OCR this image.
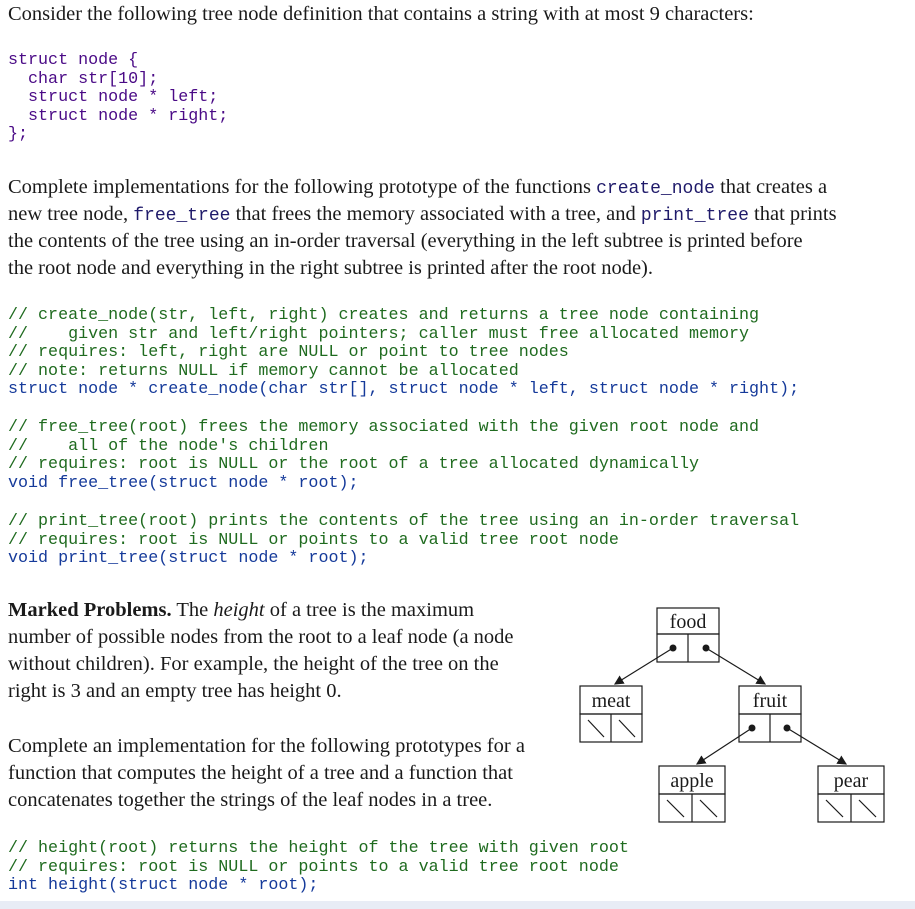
Consider the following tree node definition that contains a string with at most 9 characters:
struct node {
char str[10];
struct node * left;
struct node * right;
};
Complete implementations for the following prototype of the functions create_node that creates a
new tree node, free_tree that frees the memory associated with a tree, and print_tree that prints
the contents of the tree using an in-order traversal (everything in the left subtree is printed before
the root node and everything in the right subtree is printed after the root node).
// create_node(str, left, right) creates and returns a tree node containing
//    given str and left/right pointers; caller must free allocated memory
// requires: left, right are NULL or point to tree nodes
// note: returns NULL if memory cannot be allocated
struct node * create_node(char str[], struct node * left, struct node * right);
// free_tree(root) frees the memory associated with the given root node and
//    all of the node's children
// requires: root is NULL or the root of a tree allocated dynamically
void free_tree(struct node * root);
// print_tree(root) prints the contents of the tree using an in-order traversal
// requires: root is NULL or points to a valid tree root node
void print_tree(struct node * root);
Marked Problems. The height of a tree is the maximum
number of possible nodes from the root to a leaf node (a node
without children). For example, the height of the tree on the
right is 3 and an empty tree has height 0.
Complete an implementation for the following prototypes for a
function that computes the height of a tree and a function that
concatenates together the strings of the leaf nodes in a tree.
food
meat	fruit
apple	pear
// height(root) returns the height of the tree with given root
// requires: root is NULL or points to a valid tree root node
int height(struct node * root);
